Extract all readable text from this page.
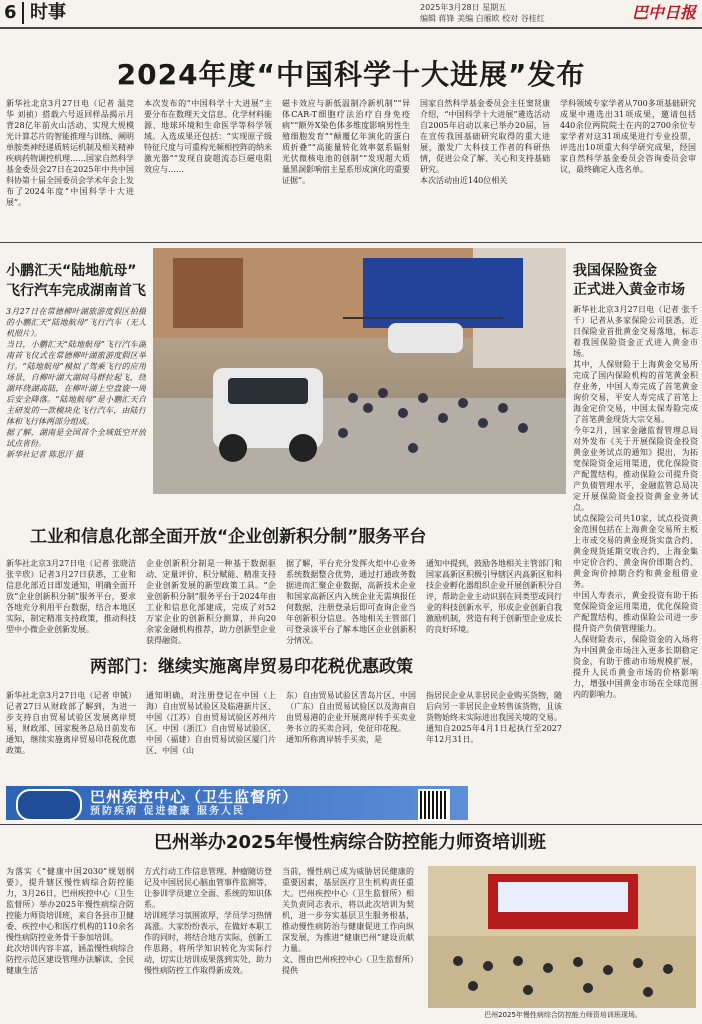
6 时事	2025年3月28日 星期五
编辑 蒋锋 美编 白雁欧 校对 谷桂红	巴中日报
2024年度“中国科学十大进展”发布
新华社北京3月27日电（记者 温竞华 刘祯）搭载六号返回样品揭示月背28亿年前火山活动、实现大规模光计算芯片的智能推理与训练、阐明单胺类神经递质转运机制及相关精神疾病药物调控机理……国家自然科学基金委员会27日在2025年中共中国科协第十届全国委员会学术年会上发布了2024年度“中国科学十大进展”。
本次发布的“中国科学十大进展”主要分布在数理天文信息、化学材料能源、地球环境和生命医学等科学领域。入选成果还包括：“实现原子级特征尺度与可重构光频相控阵的纳米激光器”“发现自旋超流态巨磁电阻效应与……
磁卡效应与新低温制冷新机制”“异体CAR-T细胞疗法治疗自身免疫病”“额外X染色体多维度影响男性生殖细胞发育”“颠覆亿年演化的蛋白质折叠”“高能量转化效率氨系辐射光伏微核电池的创制”“发现超大质量黑洞影响宿主星系形成演化的重要证据”。
国家自然科学基金委员会主任窦贤康介绍，“中国科学十大进展”遴选活动自2005年启动以来已举办20届，旨在宣传我国基础研究取得的重大进展，激发广大科技工作者的科研热情，促进公众了解、关心和支持基础研究。
本次活动由近140位相关
学科领域专家学者从700多项基础研究成果中遴选出31项成果，邀请包括440余位两院院士在内的2700余位专家学者对这31项成果进行专业投票，评选出10项重大科学研究成果，经国家自然科学基金委员会咨询委员会审议，最终确定入选名单。
小鹏汇天“陆地航母”
飞行汽车完成湖南首飞
3月27日在常德柳叶湖旅游度假区拍摄的小鹏汇天“陆地航母”飞行汽车（无人机照片）。
当日，小鹏汇天“陆地航母”飞行汽车湖南首飞仪式在常德柳叶湖旅游度假区举行。“陆地航母”模拟了驾乘飞行的应用场景，自柳叶湖大湖间马群拉起飞，绕湖环绕湖高陆，在柳叶湖上空盘旋一周后安全降落。“陆地航母”是小鹏汇天自主研发的一款模块化飞行汽车，由陆行体和飞行体两部分组成。
据了解，湖南是全国首个全域低空开放试点省份。
新华社记者 陈思汗 摄
我国保险资金
正式进入黄金市场
新华社北京3月27日电（记者 张千千）记者从多家保险公司获悉，近日保险业首批黄金交易落地，标志着我国保险资金正式进入黄金市场。
其中，人保财险于上海黄金交易所完成了国内保险机构的首笔黄金积存业务，中国人寿完成了首笔黄金询价交易，平安人寿完成了首笔上海金定价交易，中国太保寿险完成了首笔黄金现货大宗交易。
今年2月，国家金融监督管理总局对外发布《关于开展保险资金投资黄金业务试点的通知》提出，为拓宽保险资金运用渠道，优化保险资产配置结构，推动保险公司提升资产负债管理水平，金融监管总局决定开展保险资金投资黄金业务试点。
试点保险公司共10家，试点投资黄金范围包括在上海黄金交易所主板上市或交易的黄金现货实盘合约、黄金现货延期交收合约、上海金集中定价合约、黄金询价即期合约、黄金询价掉期合约和黄金租借业务。
中国人寿表示，黄金投资有助于拓宽保险资金运用渠道，优化保险资产配置结构，推动保险公司进一步提升资产负债管理能力。
人保财险表示，保险资金的入场将为中国黄金市场注入更多长期稳定资金，有助于推动市场规模扩展，提升人民币黄金市场的价格影响力，增强中国黄金市场在全球范围内的影响力。
工业和信息化部全面开放“企业创新积分制”服务平台
新华社北京3月27日电（记者 张晓洁 张辛欣）记者3月27日获悉，工业和信息化部近日即发通知，明确全面开放“企业创新积分制”服务平台，要求各地充分利用平台数据，结合本地区实际，制定精准支持政策，推动科技型中小微企业创新发展。
企业创新积分制是一种基于数据驱动、定量评价、积分赋能、精准支持企业创新发展的新型政策工具。“企业创新积分制”服务平台于2024年由工业和信息化部建成，完成了对52万家企业的创新积分测算，并向20余家金融机构推荐，助力创新型企业获得融资。
据了解，平台充分发挥火炬中心业务系统数据整合优势，通过打通政务数据进而汇聚企业数据，高新技术企业和国家高新区内入统企业无需填报任何数据，注册登录后即可查询企业当年创新积分信息。各地相关主管部门可登录该平台了解本地区企业创新积分情况。
通知中提到，鼓励各地相关主管部门和国家高新区积极引导辖区内高新区和科技企业孵化器组织企业开展创新积分自评，帮助企业主动识别在同类型或同行业的科技创新水平，形成企业创新自我激励机制，营造有利于创新型企业成长的良好环境。
两部门：继续实施离岸贸易印花税优惠政策
新华社北京3月27日电（记者 申铖）记者27日从财政部了解到，为进一步支持自由贸易试验区发展离岸贸易，财政部、国家税务总局日前发布通知，继续实施离岸贸易印花税优惠政策。
通知明确，对注册登记在中国（上海）自由贸易试验区及临港新片区、中国（江苏）自由贸易试验区苏州片区、中国（浙江）自由贸易试验区、中国（福建）自由贸易试验区厦门片区、中国（山
东）自由贸易试验区青岛片区、中国（广东）自由贸易试验区以及海南自由贸易港的企业开展离岸转手买卖业务书立的买卖合同，免征印花税。
通知所称离岸转手买卖，是
指居民企业从非居民企业购买货物，随后向另一非居民企业转售该货物，且该货物始终未实际进出我国关境的交易。通知自2025年4月1日起执行至2027年12月31日。
巴州疾控中心（卫生监督所）
预防疾病 促进健康 服务人民
巴州举办2025年慢性病综合防控能力师资培训班
为落实《“健康中国2030”规划纲要》，提升辖区慢性病综合防控能力，3月26日，巴州疾控中心（卫生监督所）举办2025年慢性病综合防控能力师资培训班，来自各县市卫健委、疾控中心和医疗机构的110余名慢性病防控业务骨干参加培训。
此次培训内容丰富，涵盖慢性病综合防控示范区建设管理办法解读、全民健康生活
方式行动工作信息管理、肿瘤随访登记及中国居民心脑血管事件监测等，让参训学员建立全面、系统的知识体系。
培训班学习氛围浓厚，学员学习热情高涨。大家纷纷表示，在做好本职工作的同时，将结合地方实际，创新工作思路，将所学知识转化为实际行动，切实让培训成果落到实处，助力慢性病防控工作取得新成效。
当前，慢性病已成为威胁居民健康的重要因素，基层医疗卫生机构责任重大。巴州疾控中心（卫生监督所）相关负责同志表示，将以此次培训为契机，进一步夯实基层卫生服务根基，推动慢性病防治与健康促进工作向纵深发展，为推进“健康巴州”建设贡献力量。
文、图由巴州疾控中心（卫生监督所）提供
巴州2025年慢性病综合防控能力师资培训班现场。
